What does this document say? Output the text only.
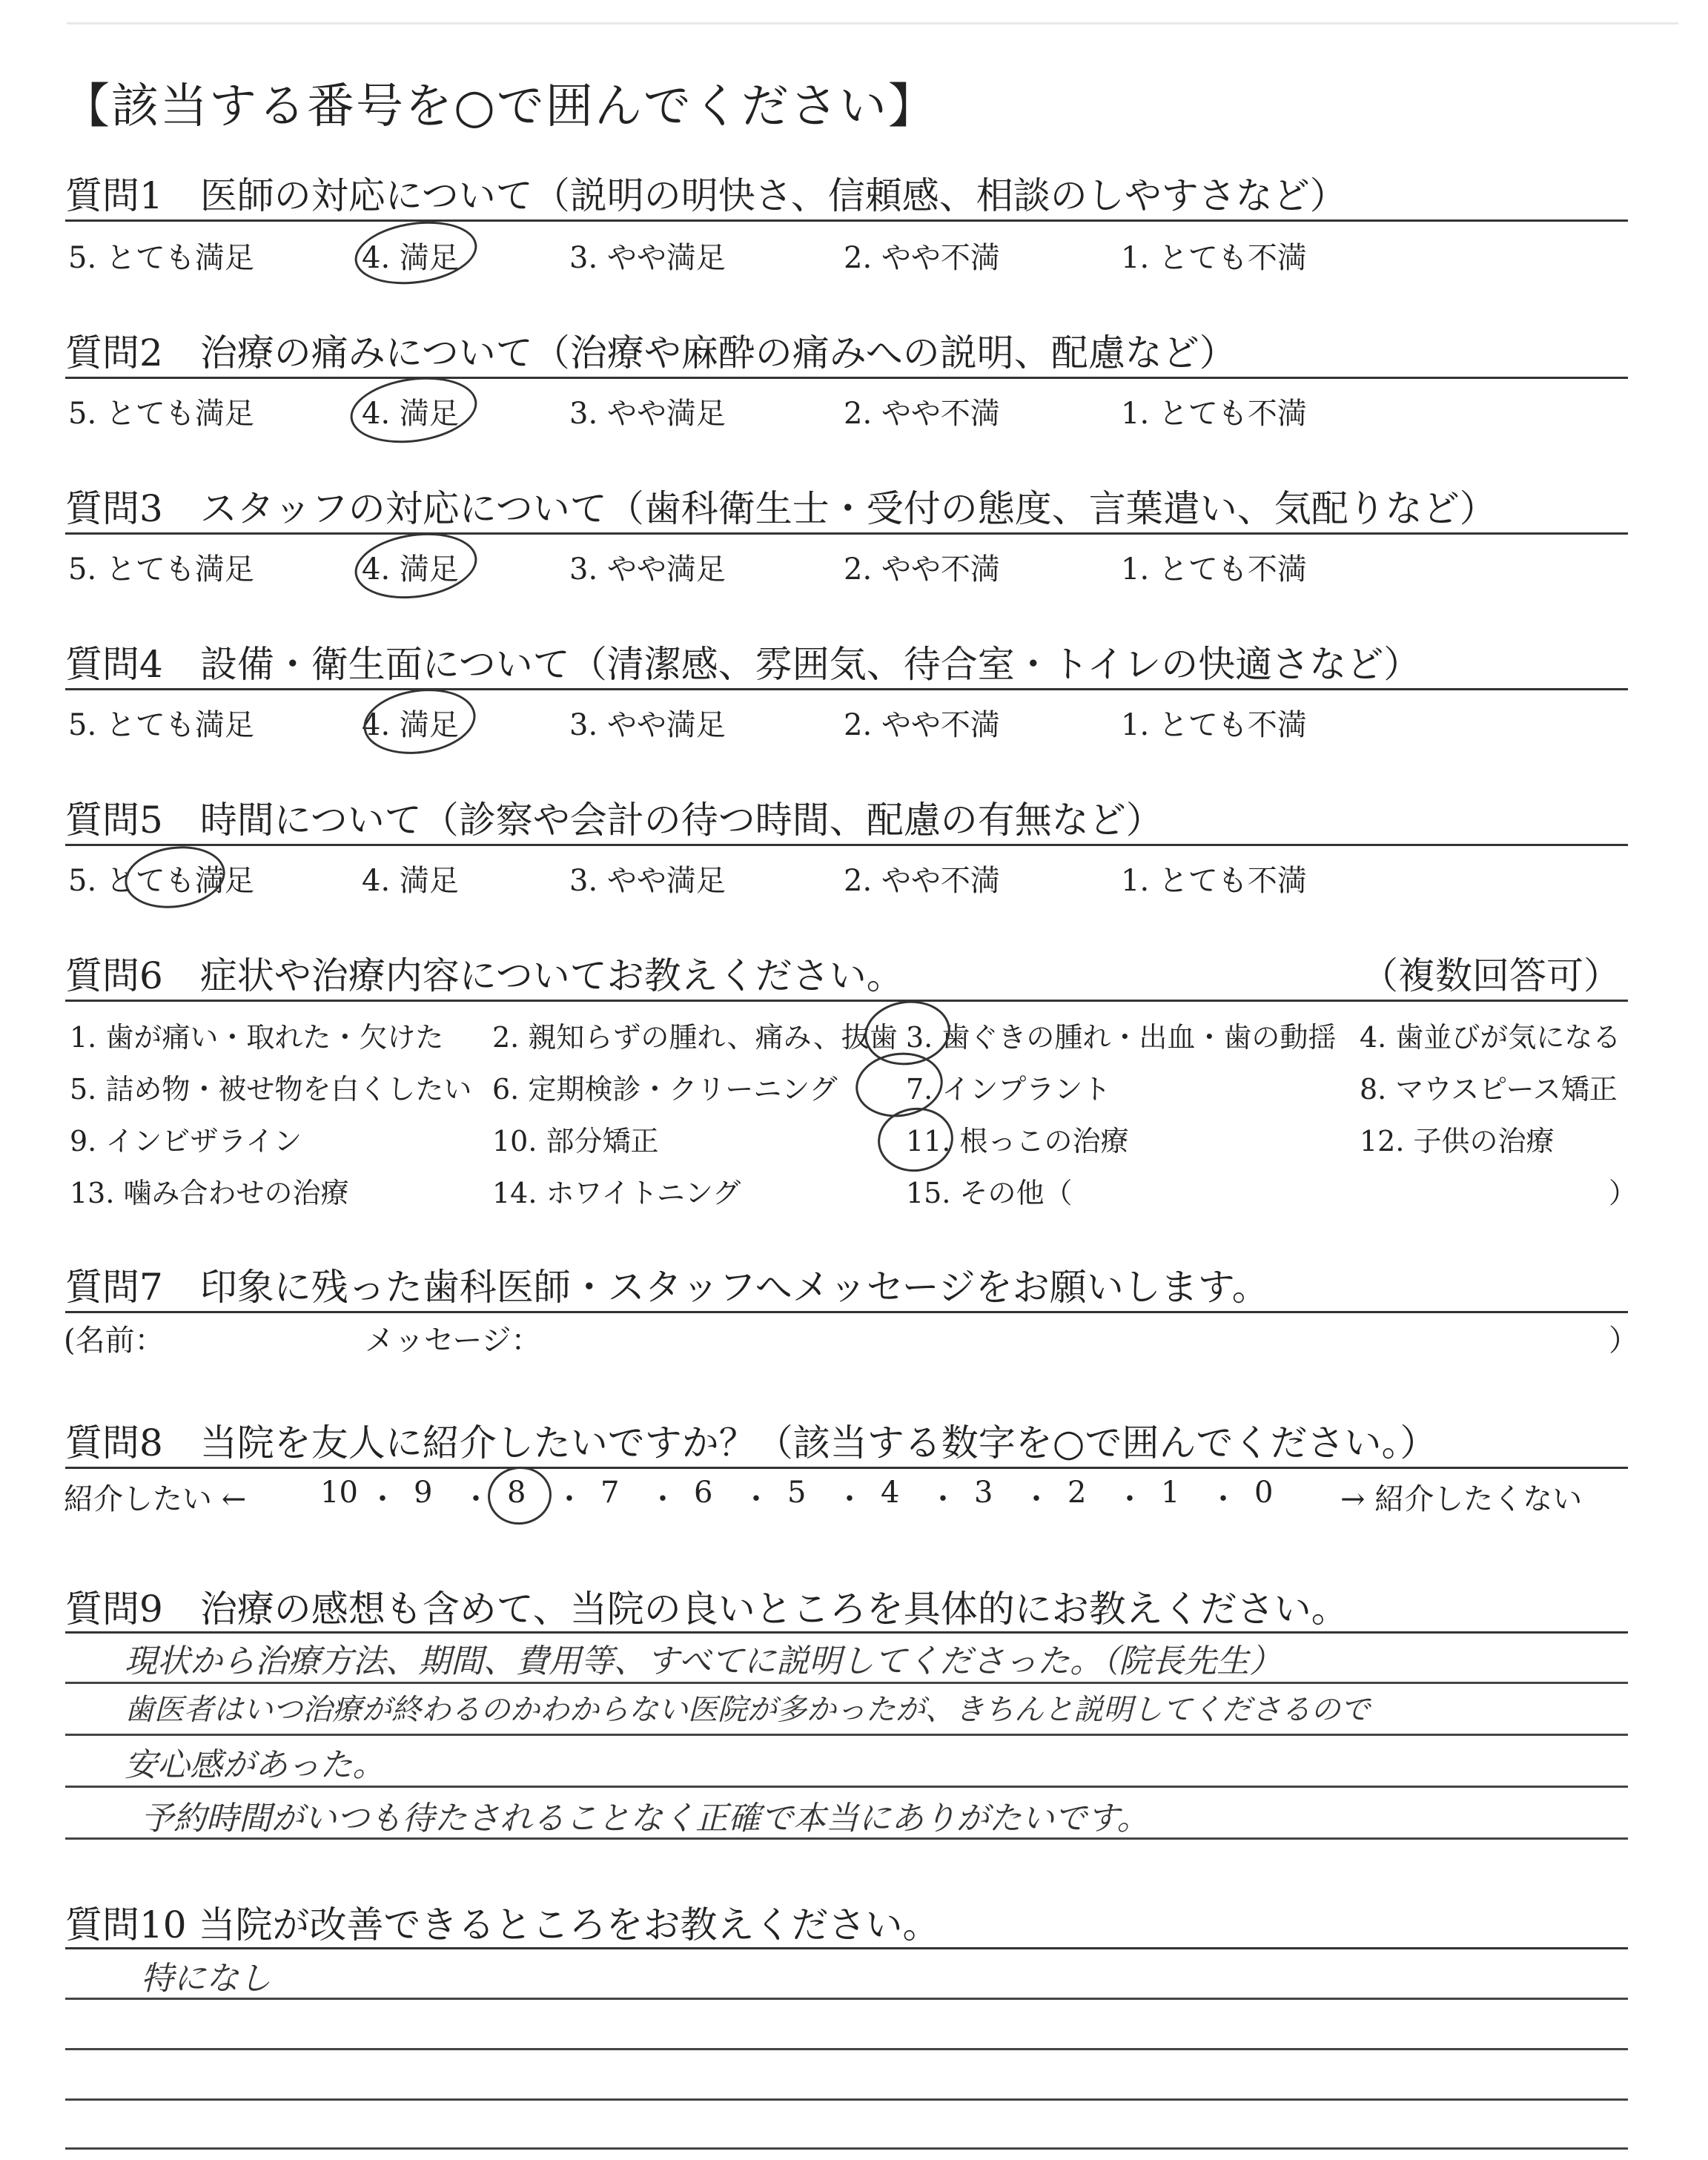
【該当する番号を○で囲んでください】
質問1　 医師の対応について（説明の明快さ、信頼感、相談のしやすさなど）
5. とても満足	4. 満足	3. やや満足	2. やや不満	1. とても不満
質問2　 治療の痛みについて（治療や麻酔の痛みへの説明、配慮など）
5. とても満足	4. 満足	3. やや満足	2. やや不満	1. とても不満
質問3　 スタッフの対応について（歯科衛生士・受付の態度、言葉遣い、気配りなど）
5. とても満足	4. 満足	3. やや満足	2. やや不満	1. とても不満
質問4　 設備・衛生面について（清潔感、雰囲気、待合室・トイレの快適さなど）
5. とても満足	4. 満足	3. やや満足	2. やや不満	1. とても不満
質問5　 時間について（診察や会計の待つ時間、配慮の有無など）
5. とても満足	4. 満足	3. やや満足	2. やや不満	1. とても不満
質問6　 症状や治療内容についてお教えください。	（複数回答可）
1. 歯が痛い・取れた・欠けた 2. 親知らずの腫れ、痛み、抜歯 3. 歯ぐきの腫れ・出血・歯の動揺 4. 歯並びが気になる
5. 詰め物・被せ物を白くしたい 6. 定期検診・クリーニング 7. インプラント	8. マウスピース矯正
9. インビザライン	10. 部分矯正	11. 根っこの治療	12. 子供の治療
13. 噛み合わせの治療	14. ホワイトニング	15. その他（	）
質問7　 印象に残った歯科医師・スタッフへメッセージをお願いします。
(名前：	メッセージ：	）
質問8　 当院を友人に紹介したいですか？（該当する数字を○で囲んでください。）
紹介したい ← 10 ・ 9 ・ 8 ・ 7 ・ 6 ・ 5 ・ 4 ・ 3 ・ 2 ・ 1 ・ 0 → 紹介したくない
質問9　 治療の感想も含めて、当院の良いところを具体的にお教えください。
現状から治療方法、期間、費用等、すべてに説明してくださった。（院長先生）
歯医者はいつ治療が終わるのかわからない医院が多かったが、きちんと説明してくださるので
安心感があった。
予約時間がいつも待たされることなく正確で本当にありがたいです。
質問10 当院が改善できるところをお教えください。
特になし
